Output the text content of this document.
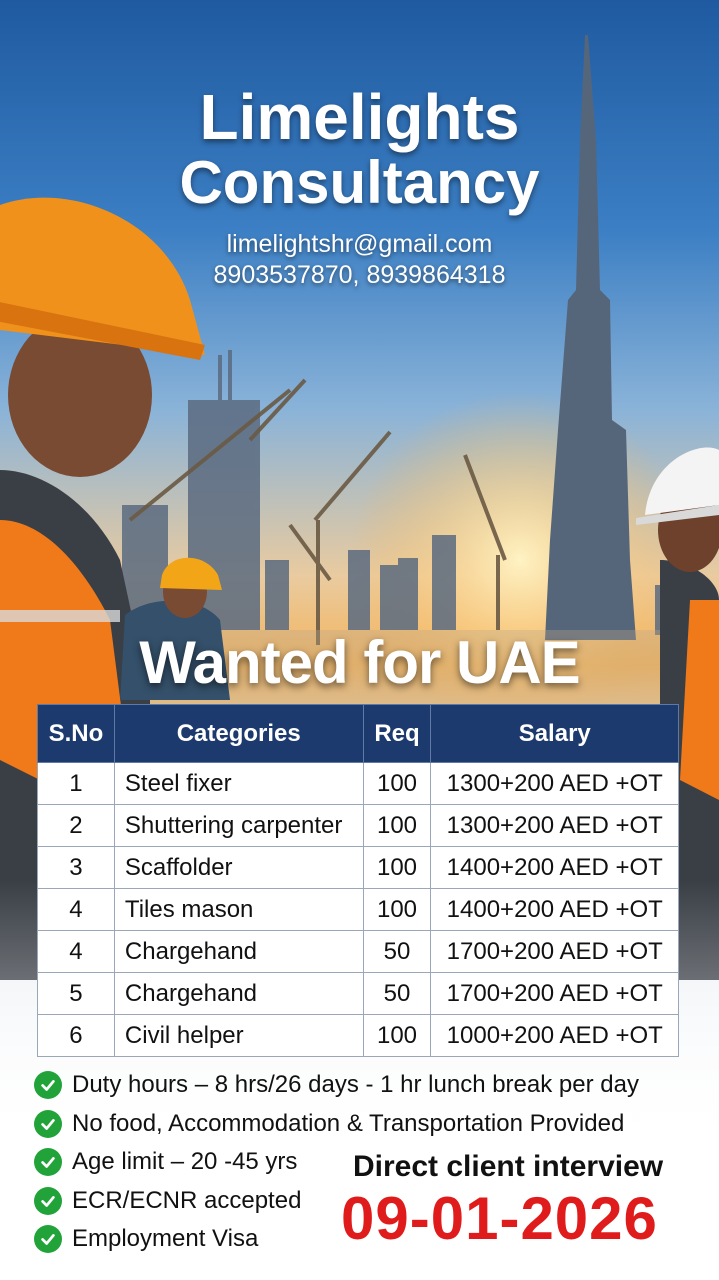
Limelights
Consultancy
limelightshr@gmail.com
8903537870, 8939864318
Wanted for UAE
S.No	Categories	Req	Salary
1	Steel fixer	100	1300+200 AED +OT
2	Shuttering carpenter	100	1300+200 AED +OT
3	Scaffolder	100	1400+200 AED +OT
4	Tiles mason	100	1400+200 AED +OT
4	Chargehand	50	1700+200 AED +OT
5	Chargehand	50	1700+200 AED +OT
6	Civil helper	100	1000+200 AED +OT
Duty hours – 8 hrs/26 days - 1 hr lunch break per day
No food, Accommodation & Transportation Provided
Age limit – 20 -45 yrs
ECR/ECNR accepted
Employment Visa
Direct client interview
09-01-2026
